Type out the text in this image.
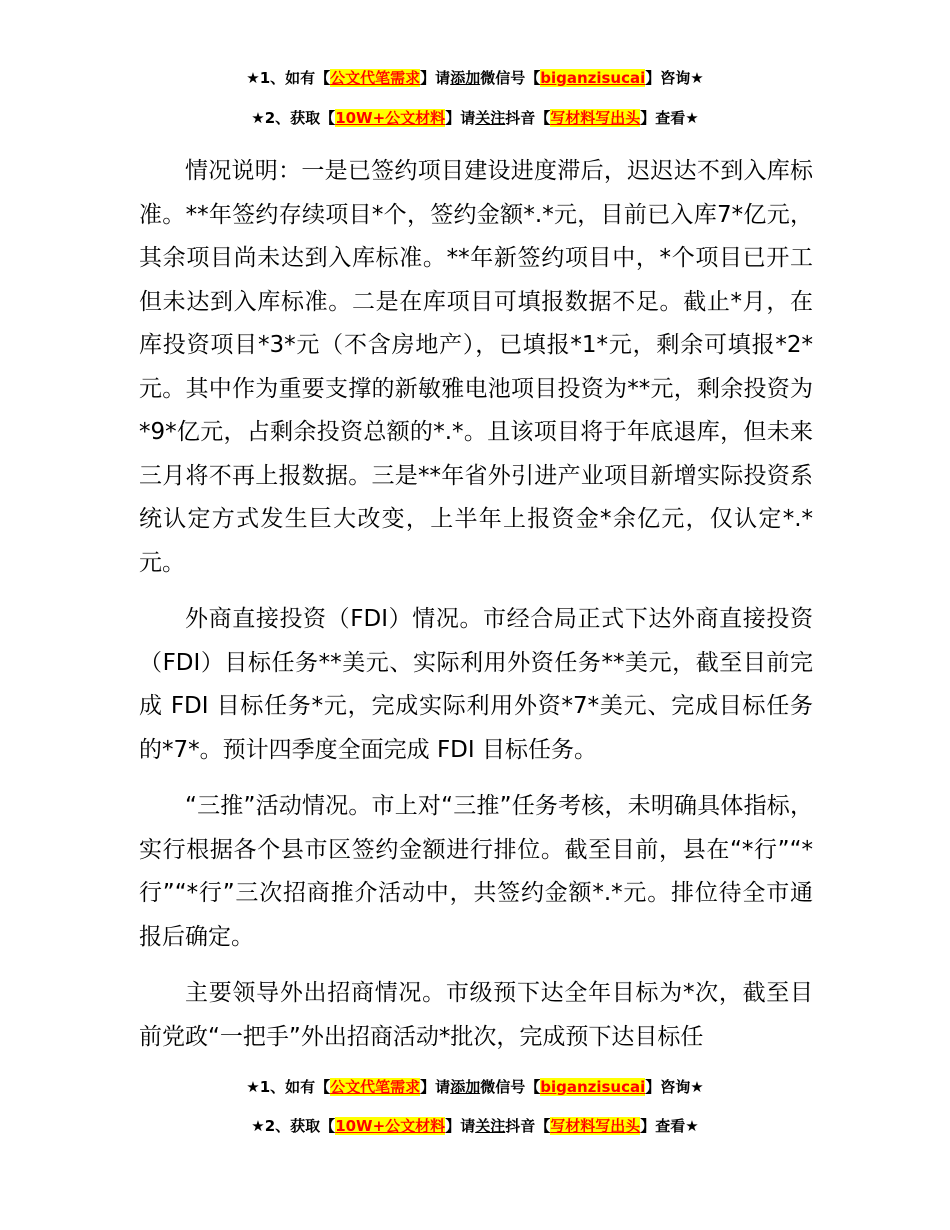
★1、如有【公文代笔需求】请添加微信号【biganzisucai】咨询★
★2、获取【10W+公文材料】请关注抖音【写材料写出头】查看★

情况说明：一是已签约项目建设进度滞后，迟迟达不到入库标准。**年签约存续项目*个，签约金额*.*元，目前已入库7*亿元，其余项目尚未达到入库标准。**年新签约项目中，*个项目已开工但未达到入库标准。二是在库项目可填报数据不足。截止*月，在库投资项目*3*元（不含房地产），已填报*1*元，剩余可填报*2*元。其中作为重要支撑的新敏雅电池项目投资为**元，剩余投资为*9*亿元，占剩余投资总额的*.*。且该项目将于年底退库，但未来三月将不再上报数据。三是**年省外引进产业项目新增实际投资系统认定方式发生巨大改变，上半年上报资金*余亿元，仅认定*.*元。

外商直接投资（FDI）情况。市经合局正式下达外商直接投资（FDI）目标任务**美元、实际利用外资任务**美元，截至目前完成 FDI 目标任务*元，完成实际利用外资*7*美元、完成目标任务的*7*。预计四季度全面完成 FDI 目标任务。

“三推”活动情况。市上对“三推”任务考核，未明确具体指标，实行根据各个县市区签约金额进行排位。截至目前，县在“*行”“*行”“*行”三次招商推介活动中，共签约金额*.*元。排位待全市通报后确定。

主要领导外出招商情况。市级预下达全年目标为*次，截至目前党政“一把手”外出招商活动*批次，完成预下达目标任

★1、如有【公文代笔需求】请添加微信号【biganzisucai】咨询★
★2、获取【10W+公文材料】请关注抖音【写材料写出头】查看★
